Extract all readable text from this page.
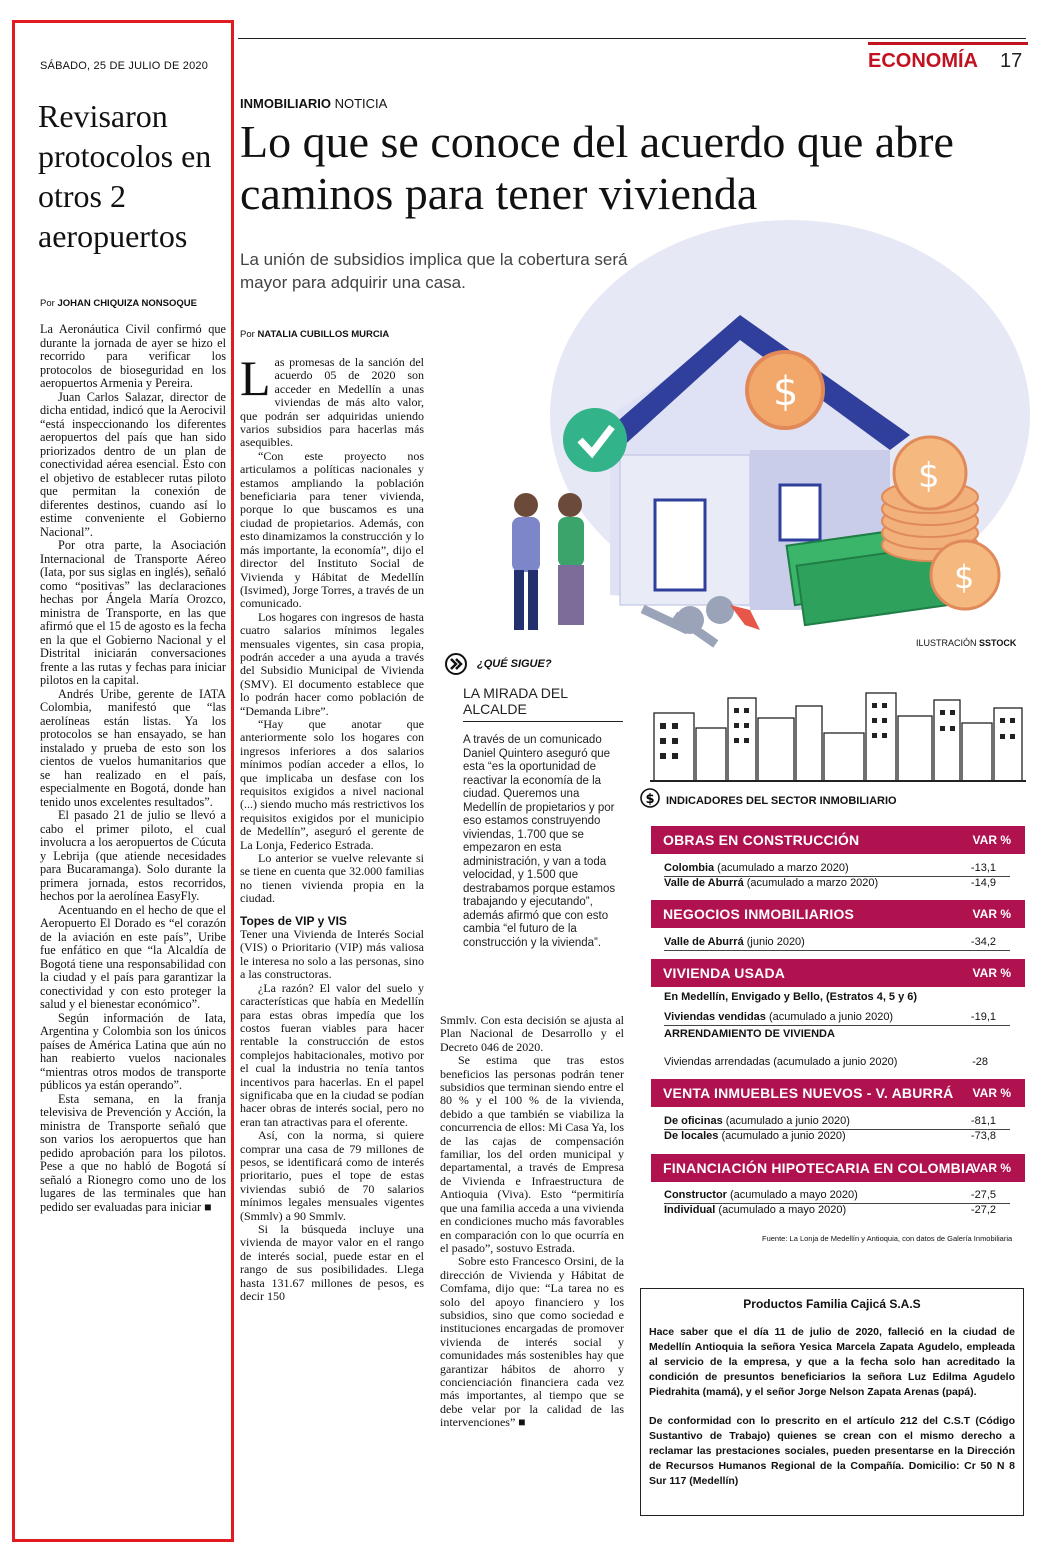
SÁBADO, 25 DE JULIO DE 2020	ECONOMÍA 17
Revisaron protocolos en otros 2 aeropuertos
Por JOHAN CHIQUIZA NONSOQUE

La Aeronáutica Civil confirmó que durante la jornada de ayer se hizo el recorrido para verificar los protocolos de bioseguridad en los aeropuertos Armenia y Pereira.

Juan Carlos Salazar, director de dicha entidad, indicó que la Aerocivil “está inspeccionando los diferentes aeropuertos del país que han sido priorizados dentro de un plan de conectividad aérea esencial. Esto con el objetivo de establecer rutas piloto que permitan la conexión de diferentes destinos, cuando así lo estime conveniente el Gobierno Nacional”.

Por otra parte, la Asociación Internacional de Transporte Aéreo (Iata, por sus siglas en inglés), señaló como “positivas” las declaraciones hechas por Ángela María Orozco, ministra de Transporte, en las que afirmó que el 15 de agosto es la fecha en la que el Gobierno Nacional y el Distrital iniciarán conversaciones frente a las rutas y fechas para iniciar pilotos en la capital.

Andrés Uribe, gerente de IATA Colombia, manifestó que “las aerolíneas están listas. Ya los protocolos se han ensayado, se han instalado y prueba de esto son los cientos de vuelos humanitarios que se han realizado en el país, especialmente en Bogotá, donde han tenido unos excelentes resultados”.

El pasado 21 de julio se llevó a cabo el primer piloto, el cual involucra a los aeropuertos de Cúcuta y Lebrija (que atiende necesidades para Bucaramanga). Solo durante la primera jornada, estos recorridos, hechos por la aerolínea EasyFly.

Acentuando en el hecho de que el Aeropuerto El Dorado es “el corazón de la aviación en este país”, Uribe fue enfático en que “la Alcaldía de Bogotá tiene una responsabilidad con la ciudad y el país para garantizar la conectividad y con esto proteger la salud y el bienestar económico”.

Según información de Iata, Argentina y Colombia son los únicos países de América Latina que aún no han reabierto vuelos nacionales “mientras otros modos de transporte públicos ya están operando”.

Esta semana, en la franja televisiva de Prevención y Acción, la ministra de Transporte señaló que son varios los aeropuertos que han pedido aprobación para los pilotos. Pese a que no habló de Bogotá sí señaló a Rionegro como uno de los lugares de las terminales que han pedido ser evaluadas para iniciar ■

INMOBILIARIO NOTICIA
Lo que se conoce del acuerdo que abre caminos para tener vivienda
La unión de subsidios implica que la cobertura será mayor para adquirir una casa.
$
$
$
ILUSTRACIÓN SSTOCK
Por NATALIA CUBILLOS MURCIA

Las promesas de la sanción del acuerdo 05 de 2020 son acceder en Medellín a unas viviendas de más alto valor, que podrán ser adquiridas uniendo varios subsidios para hacerlas más asequibles.

“Con este proyecto nos articulamos a políticas nacionales y estamos ampliando la población beneficiaria para tener vivienda, porque lo que buscamos es una ciudad de propietarios. Además, con esto dinamizamos la construcción y lo más importante, la economía”, dijo el director del Instituto Social de Vivienda y Hábitat de Medellín (Isvimed), Jorge Torres, a través de un comunicado.

Los hogares con ingresos de hasta cuatro salarios mínimos legales mensuales vigentes, sin casa propia, podrán acceder a una ayuda a través del Subsidio Municipal de Vivienda (SMV). El documento establece que lo podrán hacer como población de “Demanda Libre”.

“Hay que anotar que anteriormente solo los hogares con ingresos inferiores a dos salarios mínimos podían acceder a ellos, lo que implicaba un desfase con los requisitos exigidos a nivel nacional (...) siendo mucho más restrictivos los requisitos exigidos por el municipio de Medellín”, aseguró el gerente de La Lonja, Federico Estrada.

Lo anterior se vuelve relevante si se tiene en cuenta que 32.000 familias no tienen vivienda propia en la ciudad.

Topes de VIP y VIS

Tener una Vivienda de Interés Social (VIS) o Prioritario (VIP) más valiosa le interesa no solo a las personas, sino a las constructoras.

¿La razón? El valor del suelo y características que había en Medellín para estas obras impedía que los costos fueran viables para hacer rentable la construcción de estos complejos habitacionales, motivo por el cual la industria no tenía tantos incentivos para hacerlas. En el papel significaba que en la ciudad se podían hacer obras de interés social, pero no eran tan atractivas para el oferente.

Así, con la norma, si quiere comprar una casa de 79 millones de pesos, se identificará como de interés prioritario, pues el tope de estas viviendas subió de 70 salarios mínimos legales mensuales vigentes (Smmlv) a 90 Smmlv.

Si la búsqueda incluye una vivienda de mayor valor en el rango de interés social, puede estar en el rango de sus posibilidades. Llega hasta 131.67 millones de pesos, es decir 150

¿QUÉ SIGUE?
LA MIRADA DEL ALCALDE
A través de un comunicado Daniel Quintero aseguró que esta “es la oportunidad de reactivar la economía de la ciudad. Queremos una Medellín de propietarios y por eso estamos construyendo viviendas, 1.700 que se empezaron en esta administración, y van a toda velocidad, y 1.500 que destrabamos porque estamos trabajando y ejecutando”, además afirmó que con esto cambia “el futuro de la construcción y la vivienda”.

Smmlv. Con esta decisión se ajusta al Plan Nacional de Desarrollo y el Decreto 046 de 2020.

Se estima que tras estos beneficios las personas podrán tener subsidios que terminan siendo entre el 80 % y el 100 % de la vivienda, debido a que también se viabiliza la concurrencia de ellos: Mi Casa Ya, los de las cajas de compensación familiar, los del orden municipal y departamental, a través de Empresa de Vivienda e Infraestructura de Antioquia (Viva). Esto “permitiría que una familia acceda a una vivienda en condiciones mucho más favorables en comparación con lo que ocurría en el pasado”, sostuvo Estrada.

Sobre esto Francesco Orsini, de la dirección de Vivienda y Hábitat de Comfama, dijo que: “La tarea no es solo del apoyo financiero y los subsidios, sino que como sociedad e instituciones encargadas de promover vivienda de interés social y comunidades más sostenibles hay que garantizar hábitos de ahorro y concienciación financiera cada vez más importantes, al tiempo que se debe velar por la calidad de las intervenciones” ■

$ INDICADORES DEL SECTOR INMOBILIARIO
OBRAS EN CONSTRUCCIÓN	VAR %
Colombia (acumulado a marzo 2020)	-13,1
Valle de Aburrá (acumulado a marzo 2020)	-14,9
NEGOCIOS INMOBILIARIOS	VAR %
Valle de Aburrá (junio 2020)	-34,2
VIVIENDA USADA	VAR %
En Medellín, Envigado y Bello, (Estratos 4, 5 y 6)
Viviendas vendidas (acumulado a junio 2020)	-19,1
ARRENDAMIENTO DE VIVIENDA
Viviendas arrendadas (acumulado a junio 2020)	-28
VENTA INMUEBLES NUEVOS - V. ABURRÁ VAR %
De oficinas (acumulado a junio 2020)	-81,1
De locales (acumulado a junio 2020)	-73,8
FINANCIACIÓN HIPOTECARIA EN COLOMBIA
VAR %
Constructor (acumulado a mayo 2020)	-27,5
Individual (acumulado a mayo 2020)	-27,2
Fuente: La Lonja de Medellín y Antioquia, con datos de Galería Inmobiliaria
Productos Familia Cajicá S.A.S
Hace saber que el día 11 de julio de 2020, falleció en la ciudad de Medellín Antioquia la señora Yesica Marcela Zapata Agudelo, empleada al servicio de la empresa, y que a la fecha solo han acreditado la condición de presuntos beneficiarios la señora Luz Edilma Agudelo Piedrahita (mamá), y el señor Jorge Nelson Zapata Arenas (papá).
De conformidad con lo prescrito en el artículo 212 del C.S.T (Código Sustantivo de Trabajo) quienes se crean con el mismo derecho a reclamar las prestaciones sociales, pueden presentarse en la Dirección de Recursos Humanos Regional de la Compañía. Domicilio: Cr 50 N 8 Sur 117 (Medellín)
